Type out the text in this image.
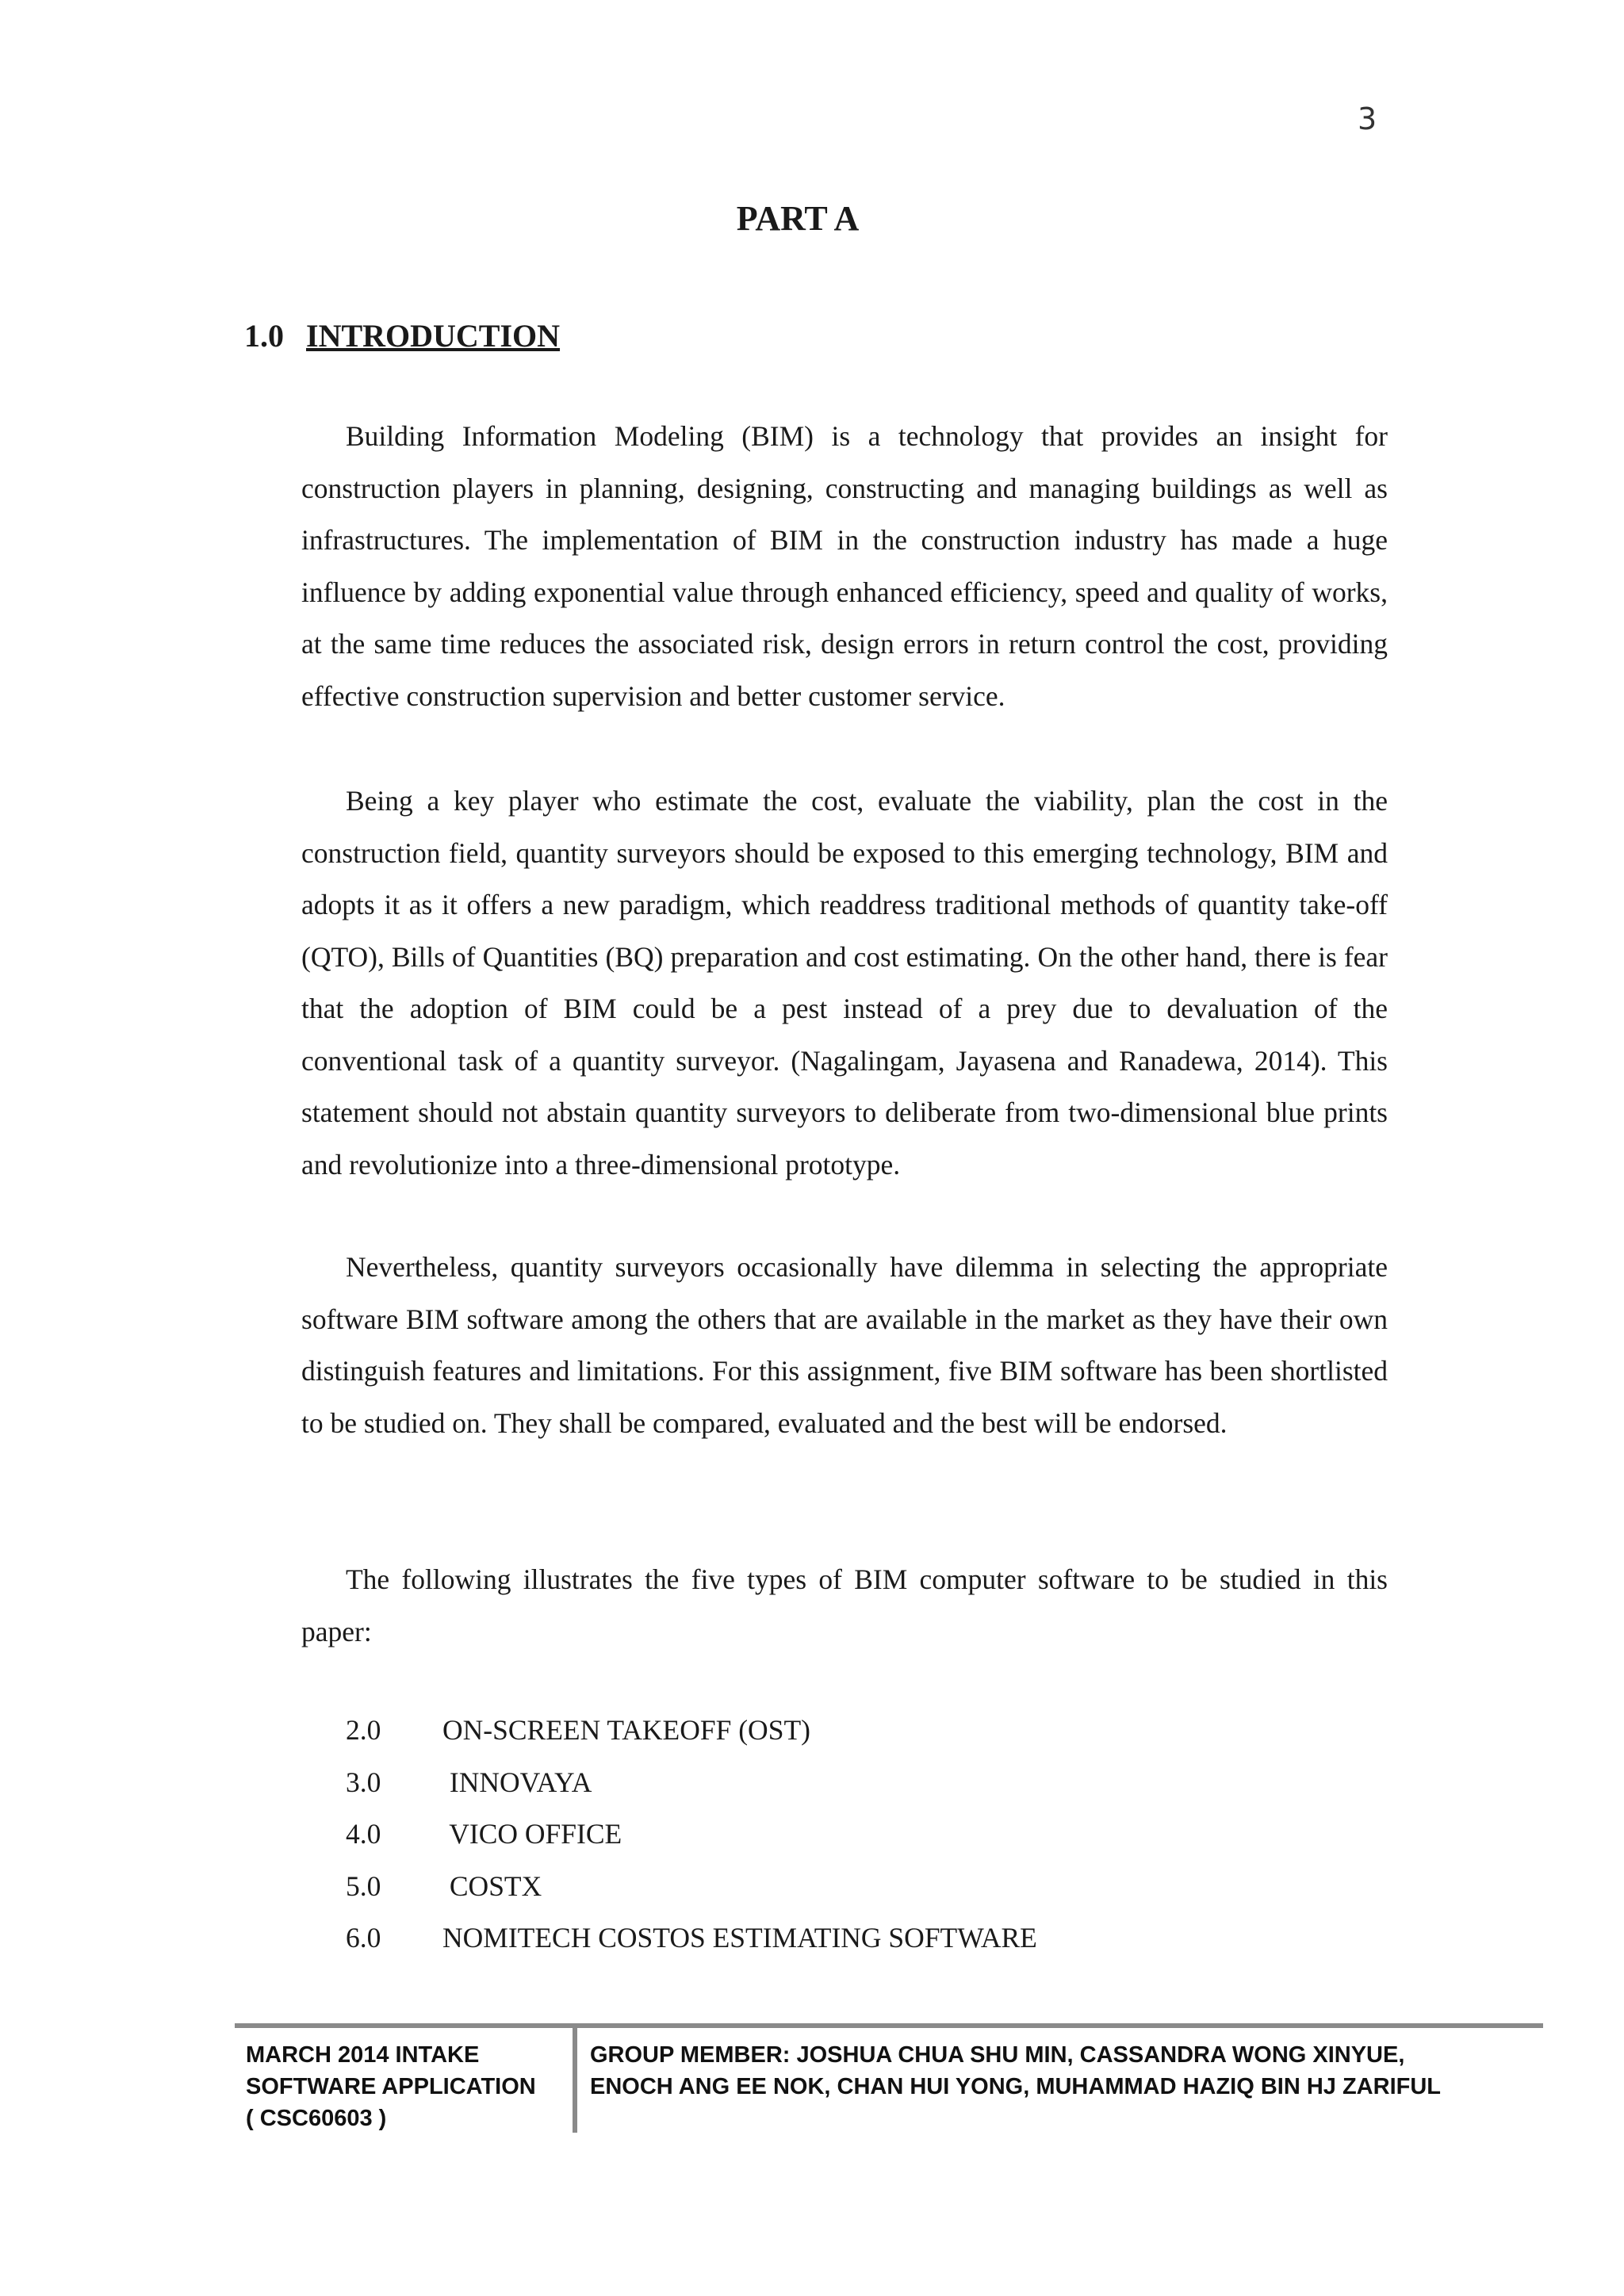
3
PART A
1.0 INTRODUCTION

Building Information Modeling (BIM) is a technology that provides an insight for construction players in planning, designing, constructing and managing buildings as well as infrastructures. The implementation of BIM in the construction industry has made a huge influence by adding exponential value through enhanced efficiency, speed and quality of works, at the same time reduces the associated risk, design errors in return control the cost, providing effective construction supervision and better customer service.

Being a key player who estimate the cost, evaluate the viability, plan the cost in the construction field, quantity surveyors should be exposed to this emerging technology, BIM and adopts it as it offers a new paradigm, which readdress traditional methods of quantity take-off (QTO), Bills of Quantities (BQ) preparation and cost estimating. On the other hand, there is fear that the adoption of BIM could be a pest instead of a prey due to devaluation of the conventional task of a quantity surveyor. (Nagalingam, Jayasena and Ranadewa, 2014). This statement should not abstain quantity surveyors to deliberate from two-dimensional blue prints and revolutionize into a three-dimensional prototype.

Nevertheless, quantity surveyors occasionally have dilemma in selecting the appropriate software BIM software among the others that are available in the market as they have their own distinguish features and limitations. For this assignment, five BIM software has been shortlisted to be studied on. They shall be compared, evaluated and the best will be endorsed.

The following illustrates the five types of BIM computer software to be studied in this paper:

2.0	ON-SCREEN TAKEOFF (OST)
3.0	INNOVAYA
4.0	VICO OFFICE
5.0	COSTX
6.0	NOMITECH COSTOS ESTIMATING SOFTWARE
MARCH 2014 INTAKE
SOFTWARE APPLICATION
( CSC60603 )
GROUP MEMBER: JOSHUA CHUA SHU MIN, CASSANDRA WONG XINYUE,
ENOCH ANG EE NOK, CHAN HUI YONG, MUHAMMAD HAZIQ BIN HJ ZARIFUL
